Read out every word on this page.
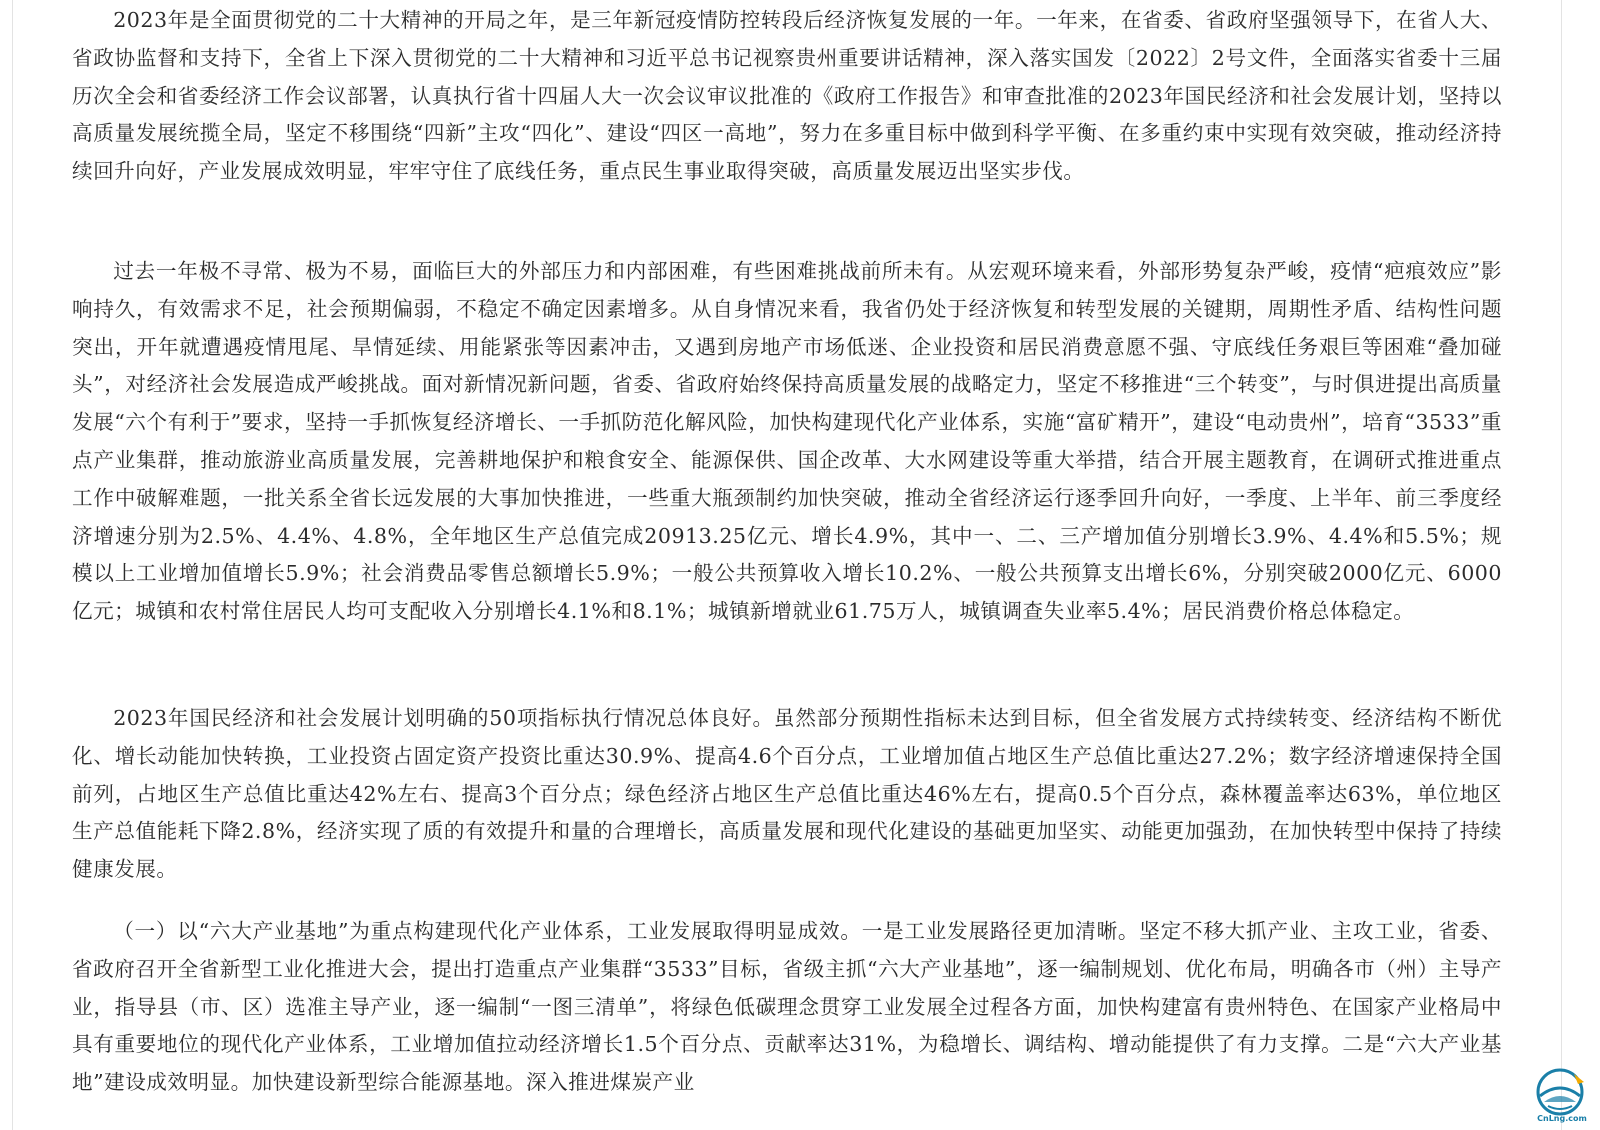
2023年是全面贯彻党的二十大精神的开局之年，是三年新冠疫情防控转段后经济恢复发展的一年。一年来，在省委、省政府坚强领导下，在省人大、省政协监督和支持下，全省上下深入贯彻党的二十大精神和习近平总书记视察贵州重要讲话精神，深入落实国发〔2022〕2号文件，全面落实省委十三届历次全会和省委经济工作会议部署，认真执行省十四届人大一次会议审议批准的《政府工作报告》和审查批准的2023年国民经济和社会发展计划，坚持以高质量发展统揽全局，坚定不移围绕“四新”主攻“四化”、建设“四区一高地”，努力在多重目标中做到科学平衡、在多重约束中实现有效突破，推动经济持续回升向好，产业发展成效明显，牢牢守住了底线任务，重点民生事业取得突破，高质量发展迈出坚实步伐。

过去一年极不寻常、极为不易，面临巨大的外部压力和内部困难，有些困难挑战前所未有。从宏观环境来看，外部形势复杂严峻，疫情“疤痕效应”影响持久，有效需求不足，社会预期偏弱，不稳定不确定因素增多。从自身情况来看，我省仍处于经济恢复和转型发展的关键期，周期性矛盾、结构性问题突出，开年就遭遇疫情甩尾、旱情延续、用能紧张等因素冲击，又遇到房地产市场低迷、企业投资和居民消费意愿不强、守底线任务艰巨等困难“叠加碰头”，对经济社会发展造成严峻挑战。面对新情况新问题，省委、省政府始终保持高质量发展的战略定力，坚定不移推进“三个转变”，与时俱进提出高质量发展“六个有利于”要求，坚持一手抓恢复经济增长、一手抓防范化解风险，加快构建现代化产业体系，实施“富矿精开”，建设“电动贵州”，培育“3533”重点产业集群，推动旅游业高质量发展，完善耕地保护和粮食安全、能源保供、国企改革、大水网建设等重大举措，结合开展主题教育，在调研式推进重点工作中破解难题，一批关系全省长远发展的大事加快推进，一些重大瓶颈制约加快突破，推动全省经济运行逐季回升向好，一季度、上半年、前三季度经济增速分别为2.5%、4.4%、4.8%，全年地区生产总值完成20913.25亿元、增长4.9%，其中一、二、三产增加值分别增长3.9%、4.4%和5.5%；规模以上工业增加值增长5.9%；社会消费品零售总额增长5.9%；一般公共预算收入增长10.2%、一般公共预算支出增长6%，分别突破2000亿元、6000亿元；城镇和农村常住居民人均可支配收入分别增长4.1%和8.1%；城镇新增就业61.75万人，城镇调查失业率5.4%；居民消费价格总体稳定。

2023年国民经济和社会发展计划明确的50项指标执行情况总体良好。虽然部分预期性指标未达到目标，但全省发展方式持续转变、经济结构不断优化、增长动能加快转换，工业投资占固定资产投资比重达30.9%、提高4.6个百分点，工业增加值占地区生产总值比重达27.2%；数字经济增速保持全国前列，占地区生产总值比重达42%左右、提高3个百分点；绿色经济占地区生产总值比重达46%左右，提高0.5个百分点，森林覆盖率达63%，单位地区生产总值能耗下降2.8%，经济实现了质的有效提升和量的合理增长，高质量发展和现代化建设的基础更加坚实、动能更加强劲，在加快转型中保持了持续健康发展。

（一）以“六大产业基地”为重点构建现代化产业体系，工业发展取得明显成效。一是工业发展路径更加清晰。坚定不移大抓产业、主攻工业，省委、省政府召开全省新型工业化推进大会，提出打造重点产业集群“3533”目标，省级主抓“六大产业基地”，逐一编制规划、优化布局，明确各市（州）主导产业，指导县（市、区）选准主导产业，逐一编制“一图三清单”，将绿色低碳理念贯穿工业发展全过程各方面，加快构建富有贵州特色、在国家产业格局中具有重要地位的现代化产业体系，工业增加值拉动经济增长1.5个百分点、贡献率达31%，为稳增长、调结构、增动能提供了有力支撑。二是“六大产业基地”建设成效明显。加快建设新型综合能源基地。深入推进煤炭产业

CnLng.com
